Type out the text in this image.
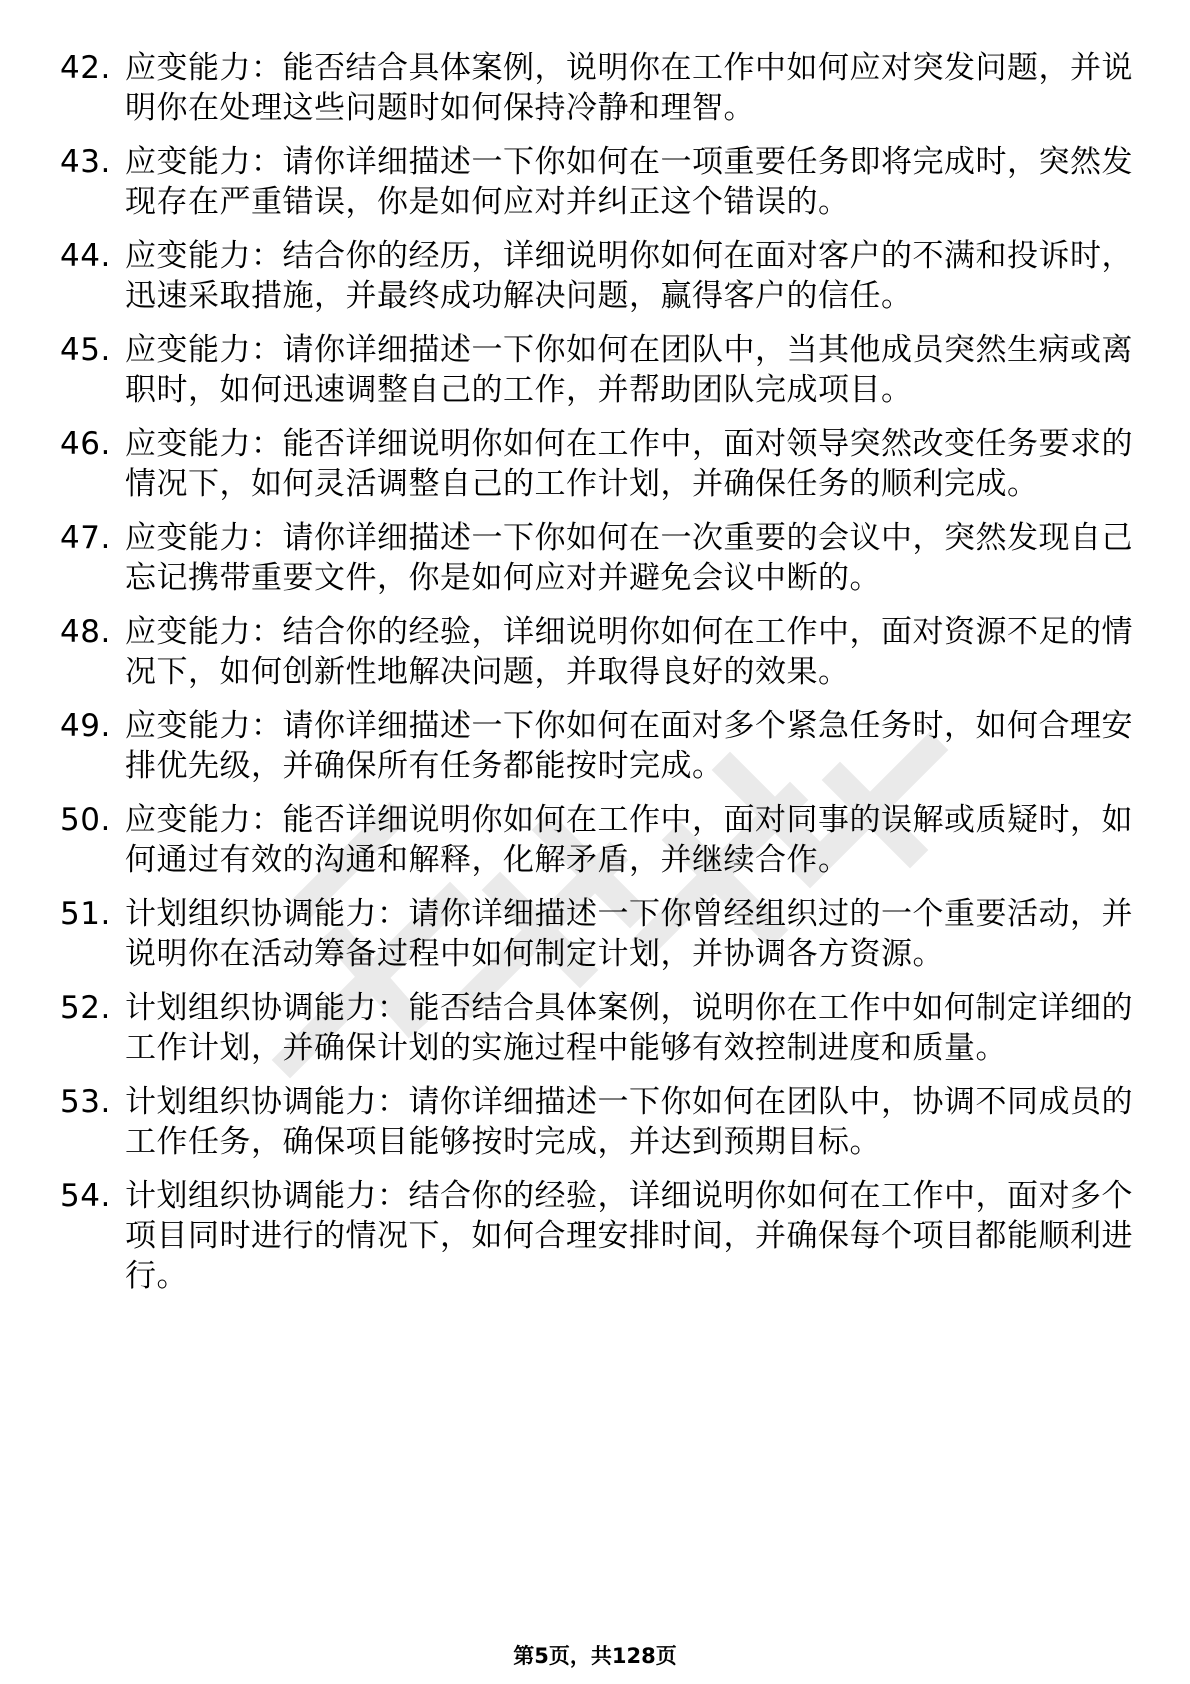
42. 应变能力：能否结合具体案例，说明你在工作中如何应对突发问题，并说明你在处理这些问题时如何保持冷静和理智。
43. 应变能力：请你详细描述一下你如何在一项重要任务即将完成时，突然发现存在严重错误，你是如何应对并纠正这个错误的。
44. 应变能力：结合你的经历，详细说明你如何在面对客户的不满和投诉时，迅速采取措施，并最终成功解决问题，赢得客户的信任。
45. 应变能力：请你详细描述一下你如何在团队中，当其他成员突然生病或离职时，如何迅速调整自己的工作，并帮助团队完成项目。
46. 应变能力：能否详细说明你如何在工作中，面对领导突然改变任务要求的情况下，如何灵活调整自己的工作计划，并确保任务的顺利完成。
47. 应变能力：请你详细描述一下你如何在一次重要的会议中，突然发现自己忘记携带重要文件，你是如何应对并避免会议中断的。
48. 应变能力：结合你的经验，详细说明你如何在工作中，面对资源不足的情况下，如何创新性地解决问题，并取得良好的效果。
49. 应变能力：请你详细描述一下你如何在面对多个紧急任务时，如何合理安排优先级，并确保所有任务都能按时完成。
50. 应变能力：能否详细说明你如何在工作中，面对同事的误解或质疑时，如何通过有效的沟通和解释，化解矛盾，并继续合作。
51. 计划组织协调能力：请你详细描述一下你曾经组织过的一个重要活动，并说明你在活动筹备过程中如何制定计划，并协调各方资源。
52. 计划组织协调能力：能否结合具体案例，说明你在工作中如何制定详细的工作计划，并确保计划的实施过程中能够有效控制进度和质量。
53. 计划组织协调能力：请你详细描述一下你如何在团队中，协调不同成员的工作任务，确保项目能够按时完成，并达到预期目标。
54. 计划组织协调能力：结合你的经验，详细说明你如何在工作中，面对多个项目同时进行的情况下，如何合理安排时间，并确保每个项目都能顺利进行。
第5页，共128页
